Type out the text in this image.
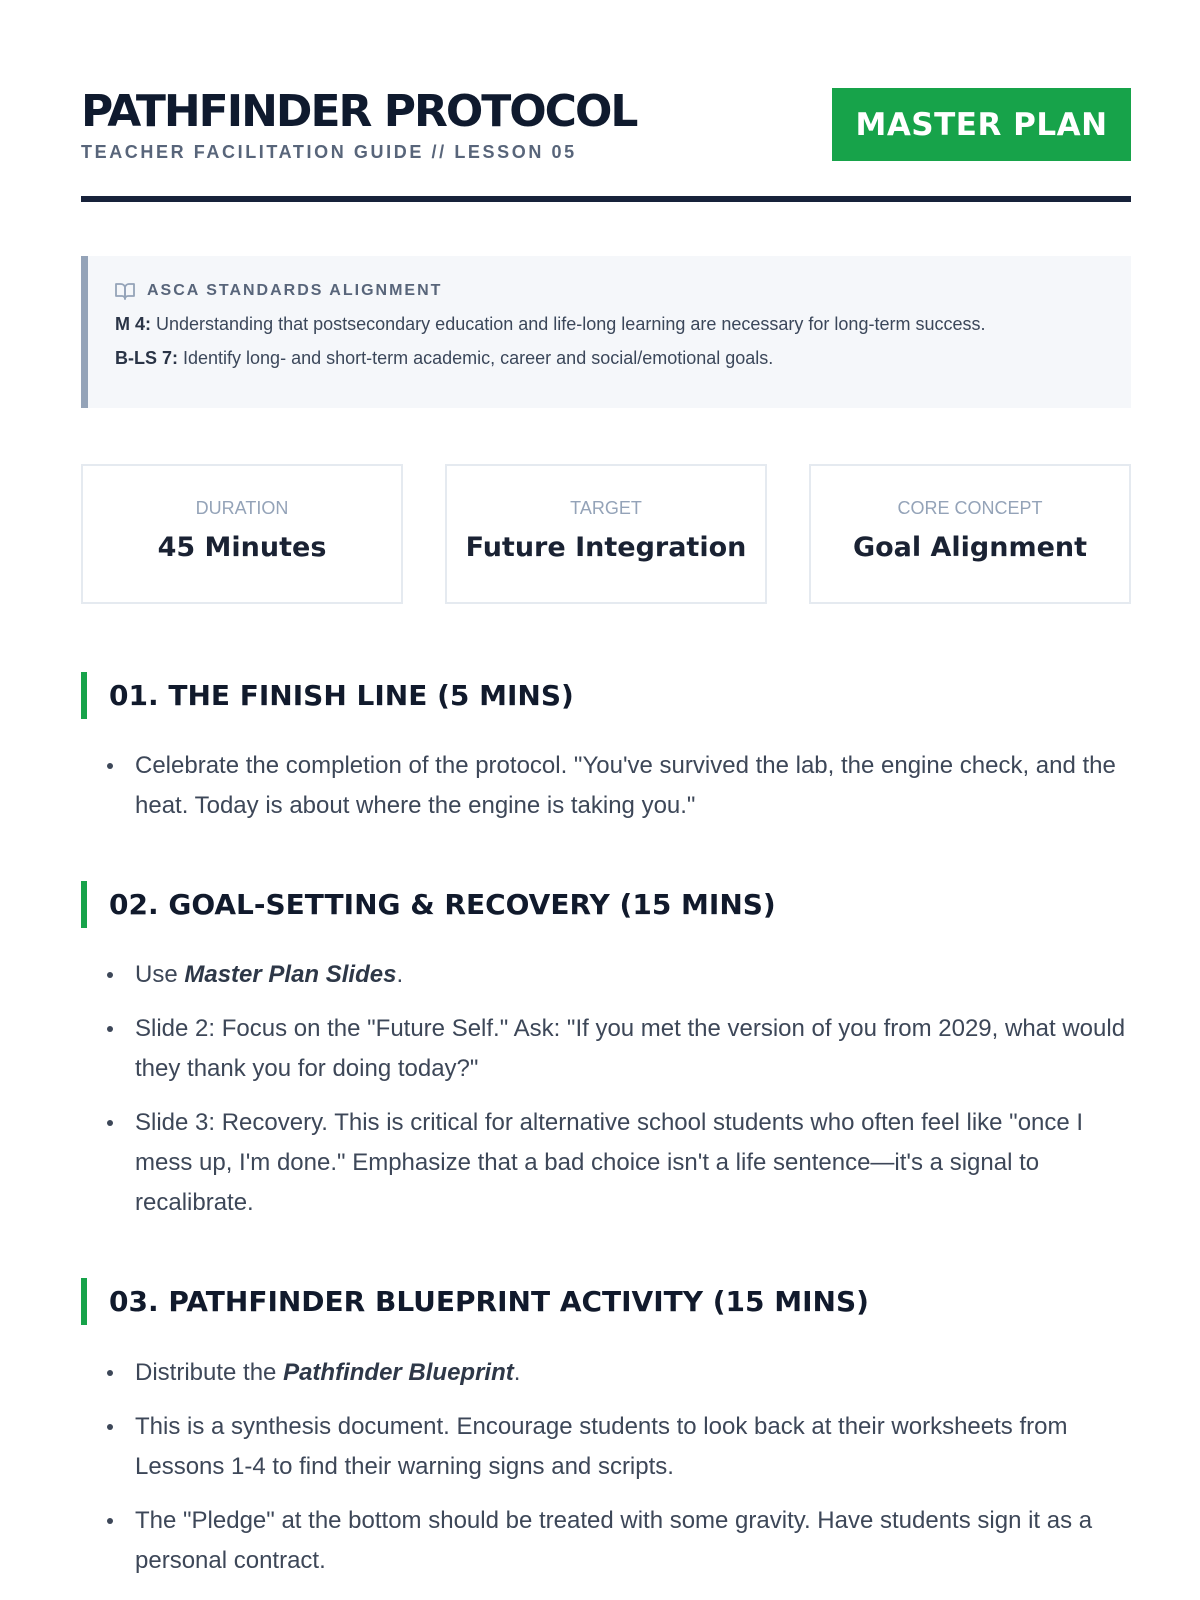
PATHFINDER PROTOCOL
TEACHER FACILITATION GUIDE // LESSON 05
MASTER PLAN
ASCA STANDARDS ALIGNMENT
M 4: Understanding that postsecondary education and life-long learning are necessary for long-term success.
B-LS 7: Identify long- and short-term academic, career and social/emotional goals.
DURATION
45 Minutes
TARGET
Future Integration
CORE CONCEPT
Goal Alignment
01. THE FINISH LINE (5 MINS)
Celebrate the completion of the protocol. "You've survived the lab, the engine check, and the heat. Today is about where the engine is taking you."
02. GOAL-SETTING & RECOVERY (15 MINS)
Use Master Plan Slides.
Slide 2: Focus on the "Future Self." Ask: "If you met the version of you from 2029, what would they thank you for doing today?"
Slide 3: Recovery. This is critical for alternative school students who often feel like "once I mess up, I'm done." Emphasize that a bad choice isn't a life sentence—it's a signal to recalibrate.
03. PATHFINDER BLUEPRINT ACTIVITY (15 MINS)
Distribute the Pathfinder Blueprint.
This is a synthesis document. Encourage students to look back at their worksheets from Lessons 1-4 to find their warning signs and scripts.
The "Pledge" at the bottom should be treated with some gravity. Have students sign it as a personal contract.
